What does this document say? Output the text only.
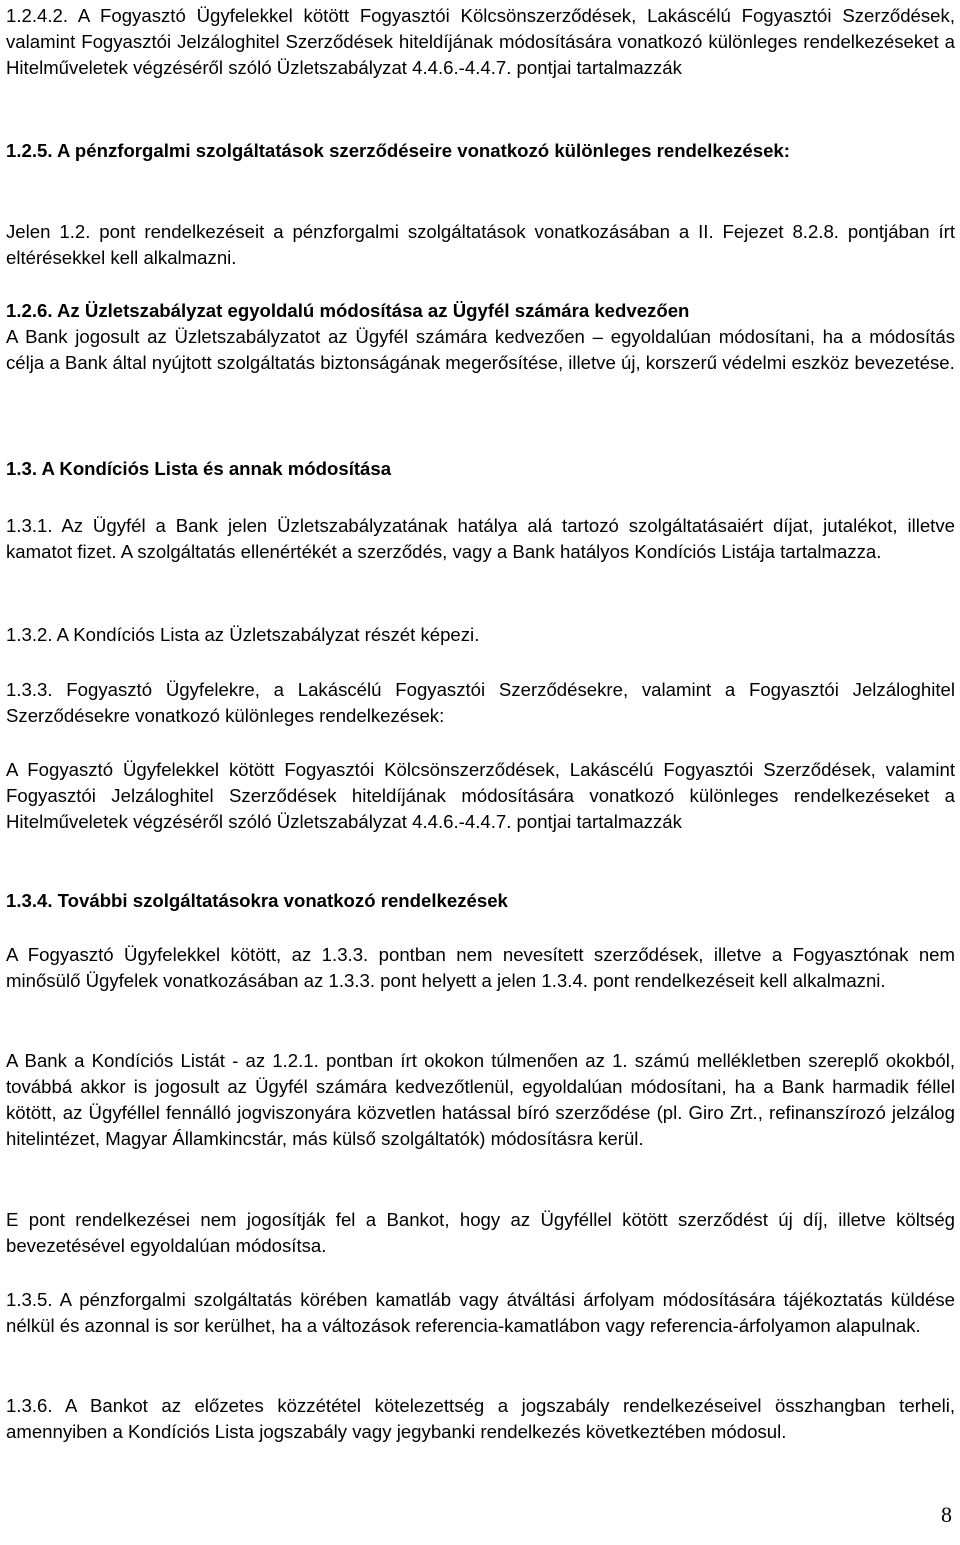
1.2.4.2. A Fogyasztó Ügyfelekkel kötött Fogyasztói Kölcsönszerződések, Lakáscélú Fogyasztói Szerződések, valamint Fogyasztói Jelzáloghitel Szerződések hiteldíjának módosítására vonatkozó különleges rendelkezéseket a Hitelműveletek végzéséről szóló Üzletszabályzat 4.4.6.-4.4.7. pontjai tartalmazzák

1.2.5. A pénzforgalmi szolgáltatások szerződéseire vonatkozó különleges rendelkezések:

Jelen 1.2. pont rendelkezéseit a pénzforgalmi szolgáltatások vonatkozásában a II. Fejezet 8.2.8. pontjában írt eltérésekkel kell alkalmazni.

1.2.6. Az Üzletszabályzat egyoldalú módosítása az Ügyfél számára kedvezően

A Bank jogosult az Üzletszabályzatot az Ügyfél számára kedvezően – egyoldalúan módosítani, ha a módosítás célja a Bank által nyújtott szolgáltatás biztonságának megerősítése, illetve új, korszerű védelmi eszköz bevezetése.

1.3. A Kondíciós Lista és annak módosítása

1.3.1. Az Ügyfél a Bank jelen Üzletszabályzatának hatálya alá tartozó szolgáltatásaiért díjat, jutalékot, illetve kamatot fizet. A szolgáltatás ellenértékét a szerződés, vagy a Bank hatályos Kondíciós Listája tartalmazza.

1.3.2. A Kondíciós Lista az Üzletszabályzat részét képezi.

1.3.3. Fogyasztó Ügyfelekre, a Lakáscélú Fogyasztói Szerződésekre, valamint a Fogyasztói Jelzáloghitel Szerződésekre vonatkozó különleges rendelkezések:

A Fogyasztó Ügyfelekkel kötött Fogyasztói Kölcsönszerződések, Lakáscélú Fogyasztói Szerződések, valamint Fogyasztói Jelzáloghitel Szerződések hiteldíjának módosítására vonatkozó különleges rendelkezéseket a Hitelműveletek végzéséről szóló Üzletszabályzat 4.4.6.-4.4.7. pontjai tartalmazzák

1.3.4. További szolgáltatásokra vonatkozó rendelkezések

A Fogyasztó Ügyfelekkel kötött, az 1.3.3. pontban nem nevesített szerződések, illetve a Fogyasztónak nem minősülő Ügyfelek vonatkozásában az 1.3.3. pont helyett a jelen 1.3.4. pont rendelkezéseit kell alkalmazni.

A Bank a Kondíciós Listát - az 1.2.1. pontban írt okokon túlmenően az 1. számú mellékletben szereplő okokból, továbbá akkor is jogosult az Ügyfél számára kedvezőtlenül, egyoldalúan módosítani, ha a Bank harmadik féllel kötött, az Ügyféllel fennálló jogviszonyára közvetlen hatással bíró szerződése (pl. Giro Zrt., refinanszírozó jelzálog hitelintézet, Magyar Államkincstár, más külső szolgáltatók) módosításra kerül.

E pont rendelkezései nem jogosítják fel a Bankot, hogy az Ügyféllel kötött szerződést új díj, illetve költség bevezetésével egyoldalúan módosítsa.

1.3.5. A pénzforgalmi szolgáltatás körében kamatláb vagy átváltási árfolyam módosítására tájékoztatás küldése nélkül és azonnal is sor kerülhet, ha a változások referencia-kamatlábon vagy referencia-árfolyamon alapulnak.

1.3.6. A Bankot az előzetes közzététel kötelezettség a jogszabály rendelkezéseivel összhangban terheli, amennyiben a Kondíciós Lista jogszabály vagy jegybanki rendelkezés következtében módosul.

8
